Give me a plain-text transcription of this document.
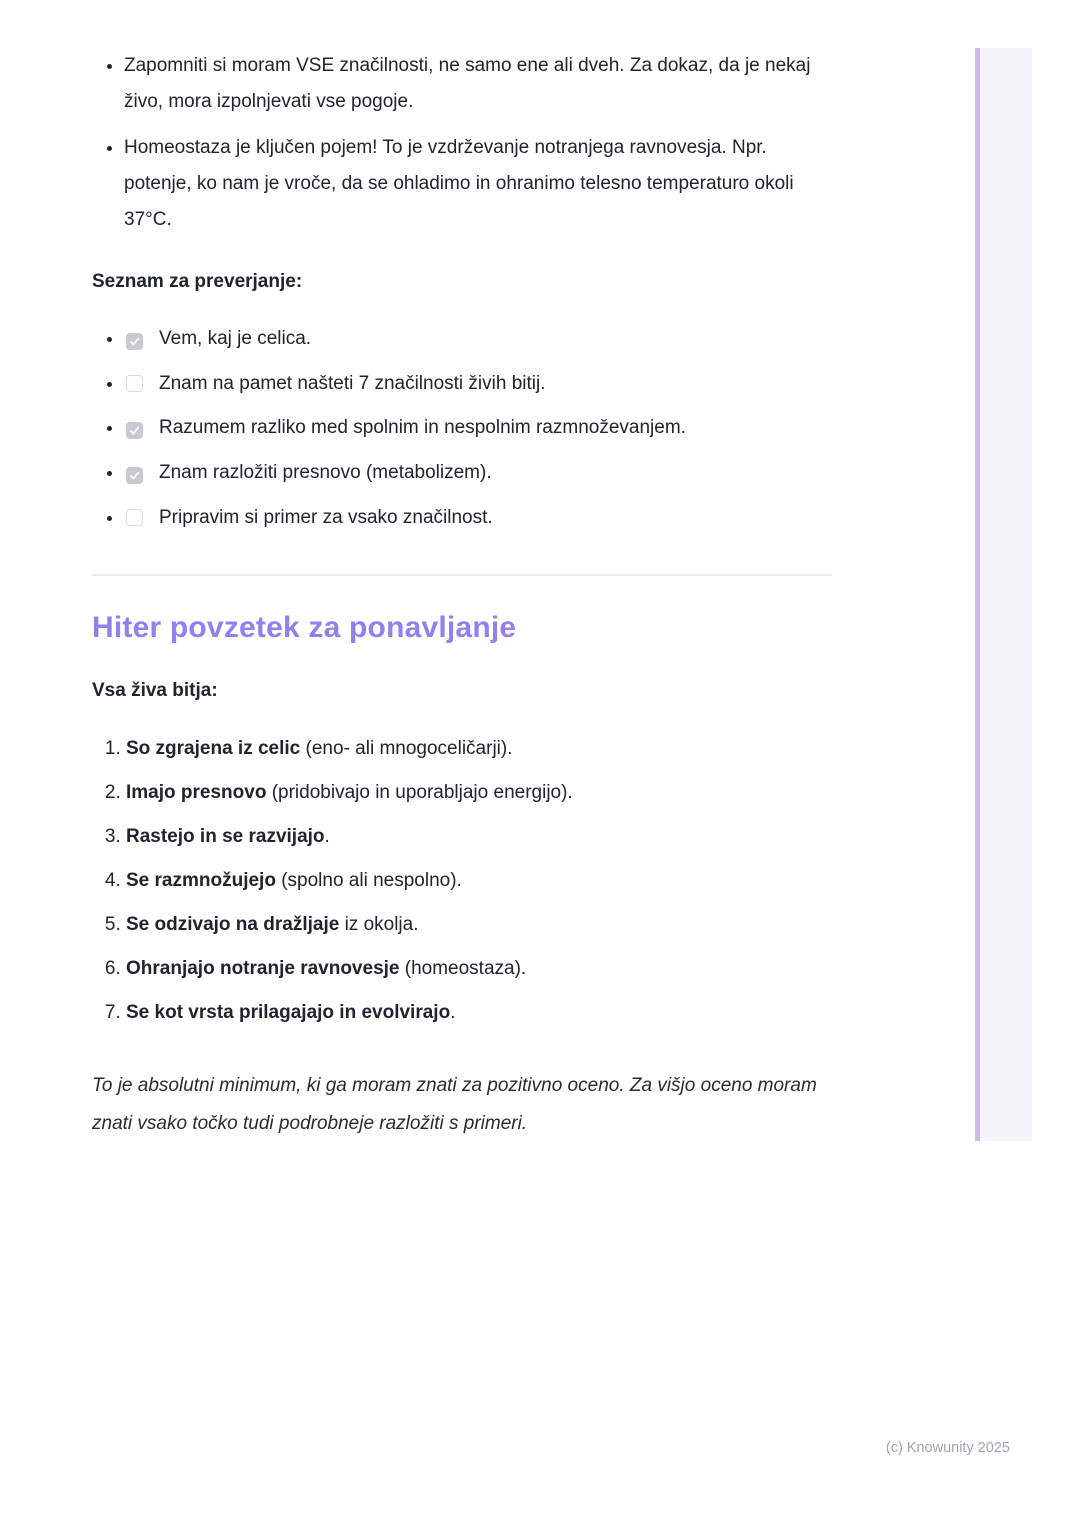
• Zapomniti si moram VSE značilnosti, ne samo ene ali dveh. Za dokaz, da je nekaj živo, mora izpolnjevati vse pogoje.
• Homeostaza je ključen pojem! To je vzdrževanje notranjega ravnovesja. Npr. potenje, ko nam je vroče, da se ohladimo in ohranimo telesno temperaturo okoli 37°C.
Seznam za preverjanje:
• Vem, kaj je celica.
• Znam na pamet našteti 7 značilnosti živih bitij.
• Razumem razliko med spolnim in nespolnim razmnoževanjem.
• Znam razložiti presnovo (metabolizem).
• Pripravim si primer za vsako značilnost.
Hiter povzetek za ponavljanje
Vsa živa bitja:
1. So zgrajena iz celic (eno- ali mnogoceličarji).
2. Imajo presnovo (pridobivajo in uporabljajo energijo).
3. Rastejo in se razvijajo.
4. Se razmnožujejo (spolno ali nespolno).
5. Se odzivajo na dražljaje iz okolja.
6. Ohranjajo notranje ravnovesje (homeostaza).
7. Se kot vrsta prilagajajo in evolvirajo.

To je absolutni minimum, ki ga moram znati za pozitivno oceno. Za višjo oceno moram znati vsako točko tudi podrobneje razložiti s primeri.

(c) Knowunity 2025
